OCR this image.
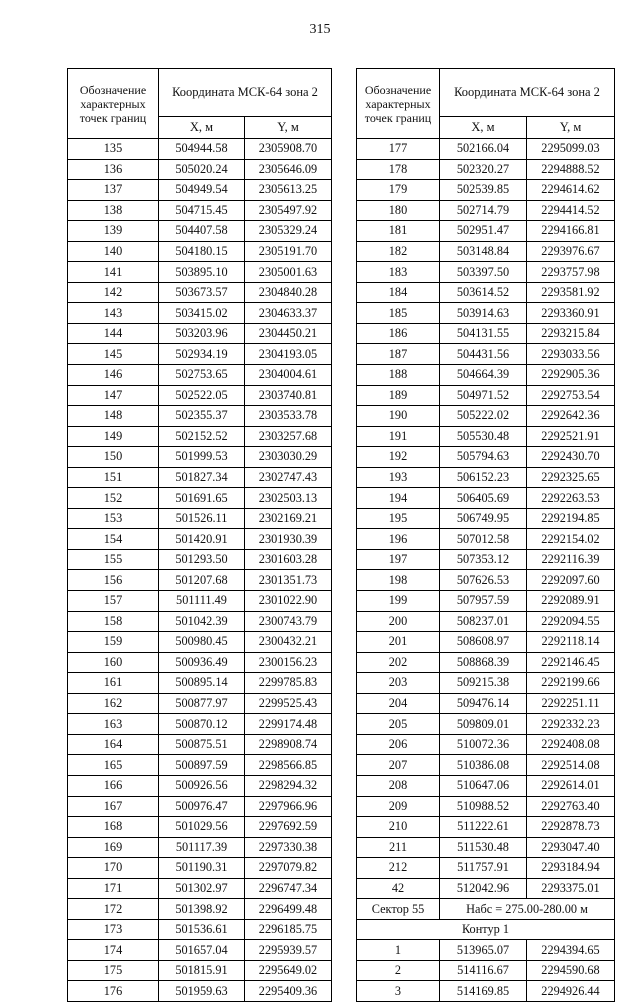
315
Обозначение характерных точек границ	Координата МСК-64 зона 2	
	X, м	Y, м
135	504944.58	2305908.70
136	505020.24	2305646.09
137	504949.54	2305613.25
138	504715.45	2305497.92
139	504407.58	2305329.24
140	504180.15	2305191.70
141	503895.10	2305001.63
142	503673.57	2304840.28
143	503415.02	2304633.37
144	503203.96	2304450.21
145	502934.19	2304193.05
146	502753.65	2304004.61
147	502522.05	2303740.81
148	502355.37	2303533.78
149	502152.52	2303257.68
150	501999.53	2303030.29
151	501827.34	2302747.43
152	501691.65	2302503.13
153	501526.11	2302169.21
154	501420.91	2301930.39
155	501293.50	2301603.28
156	501207.68	2301351.73
157	501111.49	2301022.90
158	501042.39	2300743.79
159	500980.45	2300432.21
160	500936.49	2300156.23
161	500895.14	2299785.83
162	500877.97	2299525.43
163	500870.12	2299174.48
164	500875.51	2298908.74
165	500897.59	2298566.85
166	500926.56	2298294.32
167	500976.47	2297966.96
168	501029.56	2297692.59
169	501117.39	2297330.38
170	501190.31	2297079.82
171	501302.97	2296747.34
172	501398.92	2296499.48
173	501536.61	2296185.75
174	501657.04	2295939.57
175	501815.91	2295649.02
176	501959.63	2295409.36
Обозначение характерных точек границ	Координата МСК-64 зона 2	
	X, м	Y, м
177	502166.04	2295099.03
178	502320.27	2294888.52
179	502539.85	2294614.62
180	502714.79	2294414.52
181	502951.47	2294166.81
182	503148.84	2293976.67
183	503397.50	2293757.98
184	503614.52	2293581.92
185	503914.63	2293360.91
186	504131.55	2293215.84
187	504431.56	2293033.56
188	504664.39	2292905.36
189	504971.52	2292753.54
190	505222.02	2292642.36
191	505530.48	2292521.91
192	505794.63	2292430.70
193	506152.23	2292325.65
194	506405.69	2292263.53
195	506749.95	2292194.85
196	507012.58	2292154.02
197	507353.12	2292116.39
198	507626.53	2292097.60
199	507957.59	2292089.91
200	508237.01	2292094.55
201	508608.97	2292118.14
202	508868.39	2292146.45
203	509215.38	2292199.66
204	509476.14	2292251.11
205	509809.01	2292332.23
206	510072.36	2292408.08
207	510386.08	2292514.08
208	510647.06	2292614.01
209	510988.52	2292763.40
210	511222.61	2292878.73
211	511530.48	2293047.40
212	511757.91	2293184.94
42	512042.96	2293375.01
Сектор 55	Набс = 275.00-280.00 м	
Контур 1		
1	513965.07	2294394.65
2	514116.67	2294590.68
3	514169.85	2294926.44
